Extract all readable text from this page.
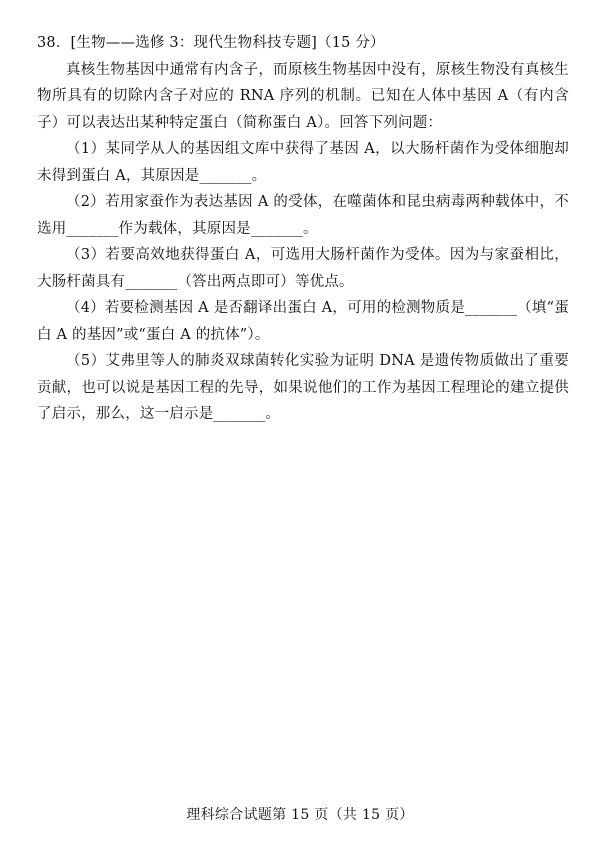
38．[生物——选修 3：现代生物科技专题]（15 分）

真核生物基因中通常有内含子，而原核生物基因中没有，原核生物没有真核生物所具有的切除内含子对应的 RNA 序列的机制。已知在人体中基因 A（有内含子）可以表达出某种特定蛋白（简称蛋白 A）。回答下列问题：

（1）某同学从人的基因组文库中获得了基因 A，以大肠杆菌作为受体细胞却未得到蛋白 A，其原因是_______。

（2）若用家蚕作为表达基因 A 的受体，在噬菌体和昆虫病毒两种载体中，不选用_______作为载体，其原因是_______。

（3）若要高效地获得蛋白 A，可选用大肠杆菌作为受体。因为与家蚕相比，大肠杆菌具有_______（答出两点即可）等优点。

（4）若要检测基因 A 是否翻译出蛋白 A，可用的检测物质是_______（填“蛋白 A 的基因”或“蛋白 A 的抗体”）。

（5）艾弗里等人的肺炎双球菌转化实验为证明 DNA 是遗传物质做出了重要贡献，也可以说是基因工程的先导，如果说他们的工作为基因工程理论的建立提供了启示，那么，这一启示是_______。

理科综合试题第 15 页（共 15 页）
